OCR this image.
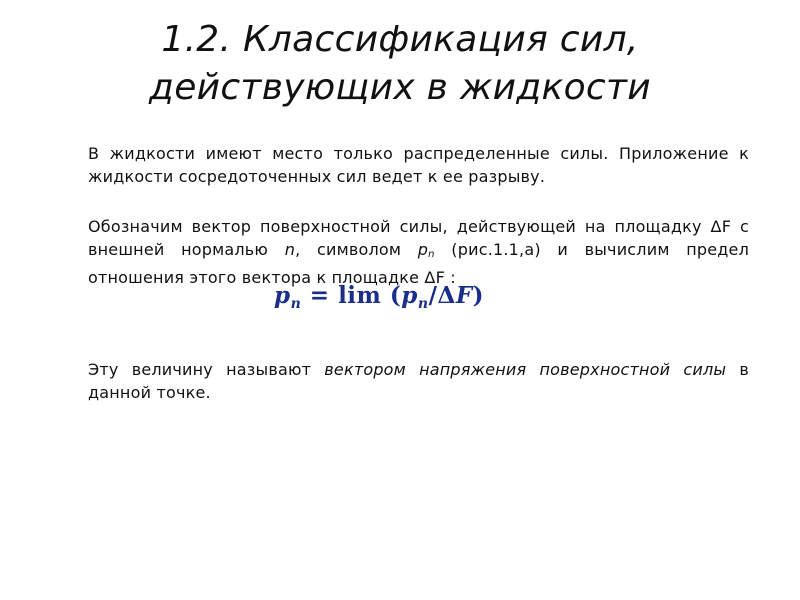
1.2. Классификация сил,
действующих в жидкости

В жидкости имеют место только распределенные силы. Приложение к жидкости сосредоточенных сил ведет к ее разрыву.

Обозначим вектор поверхностной силы, действующей на площадку ΔF с внешней нормалью n, символом $p_n$ (рис.1.1,а) и вычислим предел отношения этого вектора к площадке ΔF :

$p_n = \lim (p_n/\Delta F)$

Эту величину называют вектором напряжения поверхностной силы в данной точке.
